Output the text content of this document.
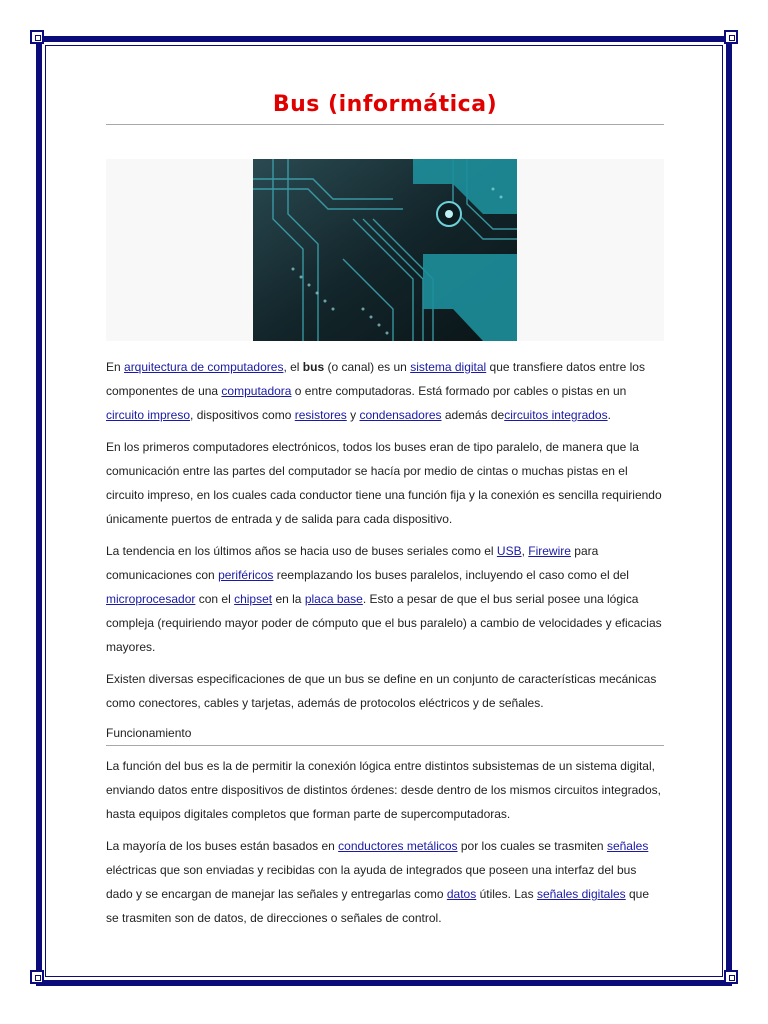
Bus (informática)

En arquitectura de computadores, el bus (o canal) es un sistema digital que transfiere datos entre los componentes de una computadora o entre computadoras. Está formado por cables o pistas en un circuito impreso, dispositivos como resistores y condensadores además decircuitos integrados.

En los primeros computadores electrónicos, todos los buses eran de tipo paralelo, de manera que la comunicación entre las partes del computador se hacía por medio de cintas o muchas pistas en el circuito impreso, en los cuales cada conductor tiene una función fija y la conexión es sencilla requiriendo únicamente puertos de entrada y de salida para cada dispositivo.

La tendencia en los últimos años se hacia uso de buses seriales como el USB, Firewire para comunicaciones con periféricos reemplazando los buses paralelos, incluyendo el caso como el del microprocesador con el chipset en la placa base. Esto a pesar de que el bus serial posee una lógica compleja (requiriendo mayor poder de cómputo que el bus paralelo) a cambio de velocidades y eficacias mayores.

Existen diversas especificaciones de que un bus se define en un conjunto de características mecánicas como conectores, cables y tarjetas, además de protocolos eléctricos y de señales.

Funcionamiento

La función del bus es la de permitir la conexión lógica entre distintos subsistemas de un sistema digital, enviando datos entre dispositivos de distintos órdenes: desde dentro de los mismos circuitos integrados, hasta equipos digitales completos que forman parte de supercomputadoras.

La mayoría de los buses están basados en conductores metálicos por los cuales se trasmiten señales eléctricas que son enviadas y recibidas con la ayuda de integrados que poseen una interfaz del bus dado y se encargan de manejar las señales y entregarlas como datos útiles. Las señales digitales que se trasmiten son de datos, de direcciones o señales de control.
